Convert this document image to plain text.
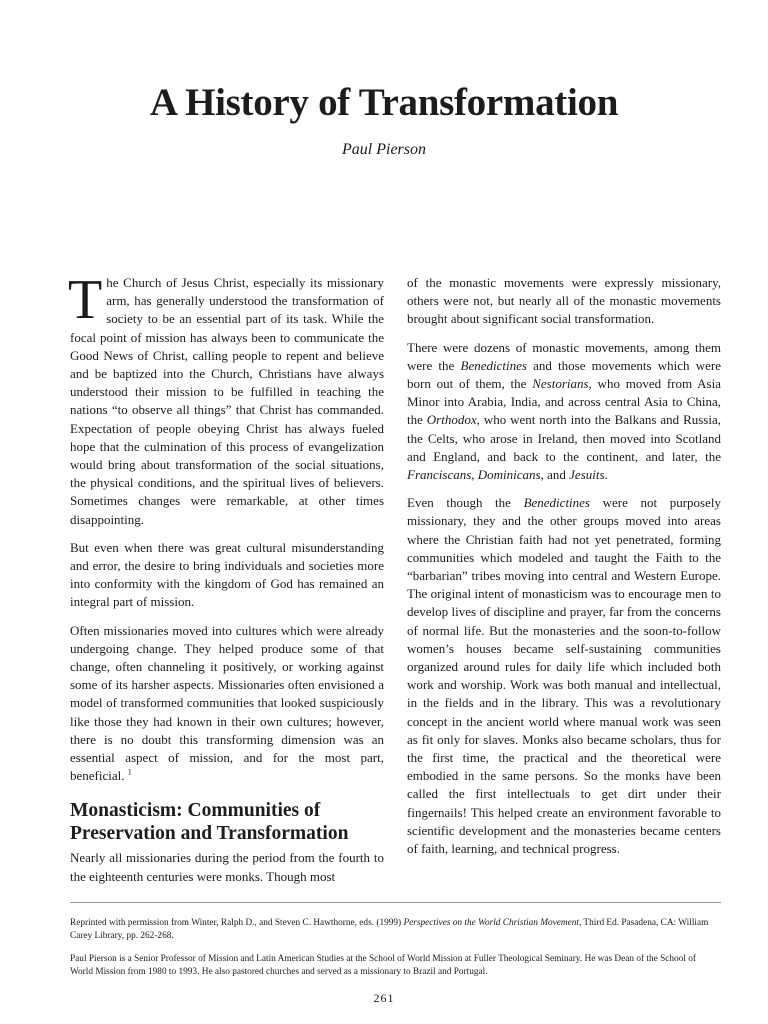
A History of Transformation

Paul Pierson

The Church of Jesus Christ, especially its missionary arm, has generally understood the transformation of society to be an essential part of its task. While the focal point of mission has always been to communicate the Good News of Christ, calling people to repent and believe and be baptized into the Church, Christians have always understood their mission to be fulfilled in teaching the nations “to observe all things” that Christ has commanded. Expectation of people obeying Christ has always fueled hope that the culmination of this process of evangelization would bring about transformation of the social situations, the physical conditions, and the spiritual lives of believers. Sometimes changes were remarkable, at other times disappointing.

But even when there was great cultural misunderstanding and error, the desire to bring individuals and societies more into conformity with the kingdom of God has remained an integral part of mission.

Often missionaries moved into cultures which were already undergoing change. They helped produce some of that change, often channeling it positively, or working against some of its harsher aspects. Missionaries often envisioned a model of transformed communities that looked suspiciously like those they had known in their own cultures; however, there is no doubt this transforming dimension was an essential aspect of mission, and for the most part, beneficial. $^1$

Monasticism: Communities of Preservation and Transformation

Nearly all missionaries during the period from the fourth to the eighteenth centuries were monks. Though most

of the monastic movements were expressly missionary, others were not, but nearly all of the monastic movements brought about significant social transformation.

There were dozens of monastic movements, among them were the Benedictines and those movements which were born out of them, the Nestorians, who moved from Asia Minor into Arabia, India, and across central Asia to China, the Orthodox, who went north into the Balkans and Russia, the Celts, who arose in Ireland, then moved into Scotland and England, and back to the continent, and later, the Franciscans, Dominicans, and Jesuits.

Even though the Benedictines were not purposely missionary, they and the other groups moved into areas where the Christian faith had not yet penetrated, forming communities which modeled and taught the Faith to the “barbarian” tribes moving into central and Western Europe. The original intent of monasticism was to encourage men to develop lives of discipline and prayer, far from the concerns of normal life. But the monasteries and the soon-to-follow women’s houses became self-sustaining communities organized around rules for daily life which included both work and worship. Work was both manual and intellectual, in the fields and in the library. This was a revolutionary concept in the ancient world where manual work was seen as fit only for slaves. Monks also became scholars, thus for the first time, the practical and the theoretical were embodied in the same persons. So the monks have been called the first intellectuals to get dirt under their fingernails! This helped create an environment favorable to scientific development and the monasteries became centers of faith, learning, and technical progress.

Reprinted with permission from Winter, Ralph D., and Steven C. Hawthorne, eds. (1999) Perspectives on the World Christian Movement, Third Ed. Pasadena, CA: William Carey Library, pp. 262-268.

Paul Pierson is a Senior Professor of Mission and Latin American Studies at the School of World Mission at Fuller Theological Seminary. He was Dean of the School of World Mission from 1980 to 1993. He also pastored churches and served as a missionary to Brazil and Portugal.

261
